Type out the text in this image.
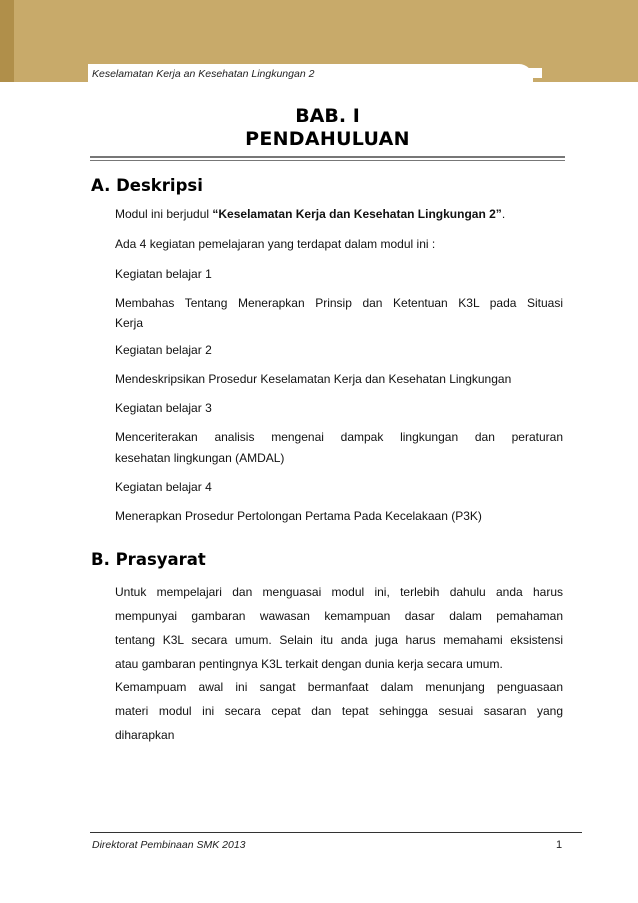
Keselamatan Kerja an Kesehatan Lingkungan 2
BAB. I
PENDAHULUAN
A. Deskripsi
Modul ini berjudul “Keselamatan Kerja dan Kesehatan Lingkungan 2”.
Ada 4 kegiatan pemelajaran yang terdapat dalam modul ini :
Kegiatan belajar 1
Membahas Tentang Menerapkan Prinsip dan Ketentuan K3L pada Situasi
Kerja
Kegiatan belajar 2
Mendeskripsikan Prosedur Keselamatan Kerja dan Kesehatan Lingkungan
Kegiatan belajar 3
Menceriterakan analisis mengenai dampak lingkungan dan peraturan
kesehatan lingkungan (AMDAL)
Kegiatan belajar 4
Menerapkan Prosedur Pertolongan Pertama Pada Kecelakaan (P3K)
B. Prasyarat
Untuk mempelajari dan menguasai modul ini, terlebih dahulu anda harus
mempunyai gambaran wawasan kemampuan dasar dalam pemahaman
tentang K3L secara umum. Selain itu anda juga harus memahami eksistensi
atau gambaran pentingnya K3L terkait dengan dunia kerja secara umum.
Kemampuam awal ini sangat bermanfaat dalam menunjang penguasaan
materi modul ini secara cepat dan tepat sehingga sesuai sasaran yang
diharapkan
Direktorat Pembinaan SMK 2013	1
